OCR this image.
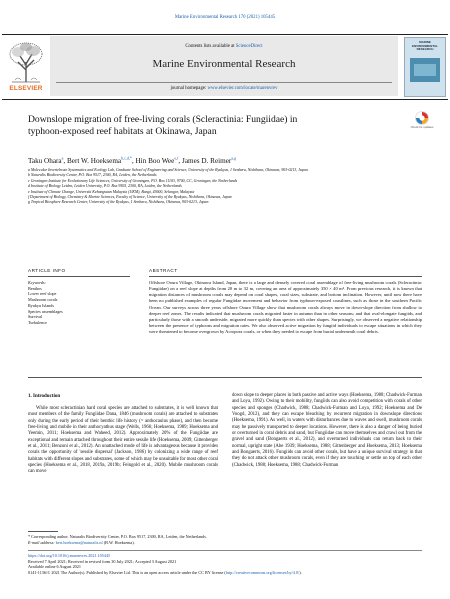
Marine Environmental Research 170 (2021) 105445
ELSEVIER
Contents lists available at ScienceDirect
Marine Environmental Research
journal homepage: www.elsevier.com/locate/marenvrev
MARINE ENVIRONMENTAL RESEARCH
Check for updates
Downslope migration of free-living corals (Scleractinia: Fungiidae) in
typhoon-exposed reef habitats at Okinawa, Japan
Taku Ohara$^a$, Bert W. Hoeksema$^{b,c,d,*}$, Hin Boo Wee$^{e,f}$, James D. Reimer$^{a,g}$
a Molecular Invertebrate Systematics and Ecology Lab, Graduate School of Engineering and Science, University of the Ryukyus, 1 Senbaru, Nishihara, Okinawa, 903-0213, Japan
b Naturalis Biodiversity Center, P.O. Box 9517, 2300, RA, Leiden, the Netherlands
c Groningen Institute for Evolutionary Life Sciences, University of Groningen, P.O. Box 11103, 9700, CC, Groningen, the Netherlands
d Institute of Biology Leiden, Leiden University, P.O. Box 9505, 2300, RA, Leiden, the Netherlands
e Institute of Climate Change, Universiti Kebangsaan Malaysia (UKM), Bangi, 43600, Selangor, Malaysia
f Department of Biology, Chemistry & Marine Sciences, Faculty of Science, University of the Ryukyus, Nishihara, Okinawa, Japan
g Tropical Biosphere Research Center, University of the Ryukyus, 1 Senbaru, Nishihara, Okinawa, 903-0213, Japan
ARTICLE INFO
Keywords:
Benthos
Lower reef slope
Mushroom corals
Ryukyu Islands
Species assemblages
Survival
Turbulence
ABSTRACT
Offshore Ooura Village, Okinawa Island, Japan, there is a large and densely covered coral assemblage of free-living mushroom corals (Scleractinia: Fungiidae) on a reef slope at depths from 20 m to 32 m, covering an area of approximately 350 × 40 m². From previous research, it is known that migration distances of mushroom corals may depend on coral shapes, coral sizes, substrate, and bottom inclination. However, until now there have been no published examples of regular Fungiidae movement and behavior from typhoon-exposed coastlines, such as those in the southern Pacific Ocean. Our surveys across three years offshore Ooura Village show that mushroom corals always move in down-slope direction from shallow to deeper reef zones. The results indicated that mushroom corals migrated faster in autumn than in other seasons; and that oval-elongate fungiids, and particularly those with a smooth underside, migrated more quickly than species with other shapes. Surprisingly, we observed a negative relationship between the presence of typhoons and migration rates. We also observed active migration by fungiid individuals to escape situations in which they were threatened to become overgrown by Acropora corals, or when they needed to escape from burial underneath coral debris.
1. Introduction
While most scleractinian hard coral species are attached to substrates, it is well known that most members of the family Fungiidae Dana, 1846 (mushroom corals) are attached to substrates only during the early period of their benthic life history (= anthocaulus phase), and then become free-living and mobile in their anthocyathus stage (Wells, 1966; Hoeksema, 1989; Hoeksema and Yeemin, 2011; Hoeksema and Waheed, 2012). Approximately 20% of the Fungiidae are exceptional and remain attached throughout their entire sessile life (Hoeksema, 2009; Gittenberger et al., 2011; Benzoni et al., 2012). An unattached mode of life is advantageous because it provides corals the opportunity of 'sessile dispersal' (Jackson, 1986) by colonizing a wide range of reef habitats with different slopes and substrates, some of which may be unsuitable for most other coral species (Hoeksema et al., 2018, 2019a, 2019b; Feingold et al., 2020). Mobile mushroom corals can move
down slope to deeper places in both passive and active ways (Hoeksema, 1988; Chadwick-Furman and Loya, 1992). Owing to their mobility, fungiids can also avoid competition with corals of other species and sponges (Chadwick, 1988; Chadwick-Furman and Loya, 1992; Hoeksema and De Voogd, 2012), and they can escape bleaching by recurrent migration in downslope directions (Hoeksema, 1991). As well, in waters with disturbances due to waves and swell, mushroom corals may be passively transported to deeper locations. However, there is also a danger of being buried or overturned in coral debris and sand, but Fungiidae can move themselves and crawl out from the gravel and sand (Bongaerts et al., 2012), and overturned individuals can return back to their normal, upright state (Abe 1939; Hoeksema, 1988; Gittenberger and Hoeksema, 2013; Hoeksema and Bongaerts, 2016). Fungiids can avoid other corals, but have a unique survival strategy in that they do not attack other mushroom corals, even if they are touching or settle on top of each other (Chadwick, 1988; Hoeksema, 1988; Chadwick-Furman
* Corresponding author. Naturalis Biodiversity Center, P.O. Box 9517, 2300, RA, Leiden, the Netherlands.
E-mail address: bert.hoeksema@naturalis.nl (B.W. Hoeksema).
https://doi.org/10.1016/j.marenvres.2021.105445
Received 7 April 2021; Received in revised form 30 July 2021; Accepted 3 August 2021
Available online 6 August 2021
0141-1136/© 2021 The Author(s). Published by Elsevier Ltd. This is an open access article under the CC BY license (http://creativecommons.org/licenses/by/4.0/).
